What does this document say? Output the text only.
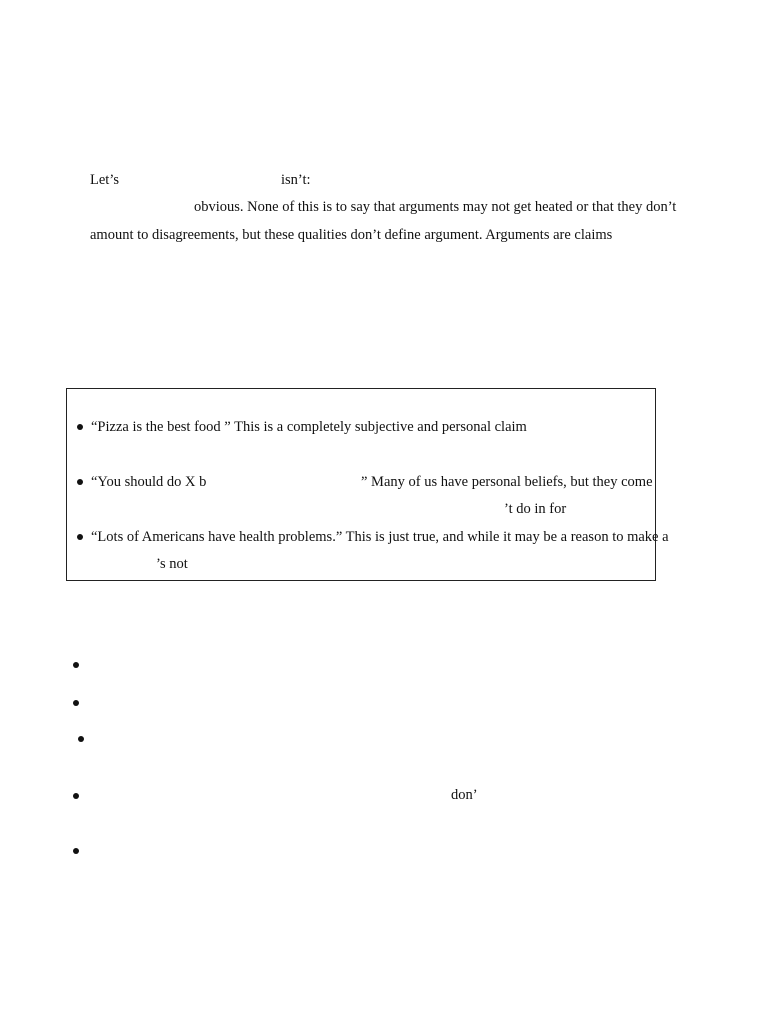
Let’s	isn’t:
obvious. None of this is to say that arguments may not get heated or that they don’t
amount to disagreements, but these qualities don’t define argument. Arguments are claims
“Pizza is the best food ” This is a completely subjective and personal claim
“You should do X b	” Many of us have personal beliefs, but they come
’t do in for
“Lots of Americans have health problems.” This is just true, and while it may be a reason to make a
’s not
don’
